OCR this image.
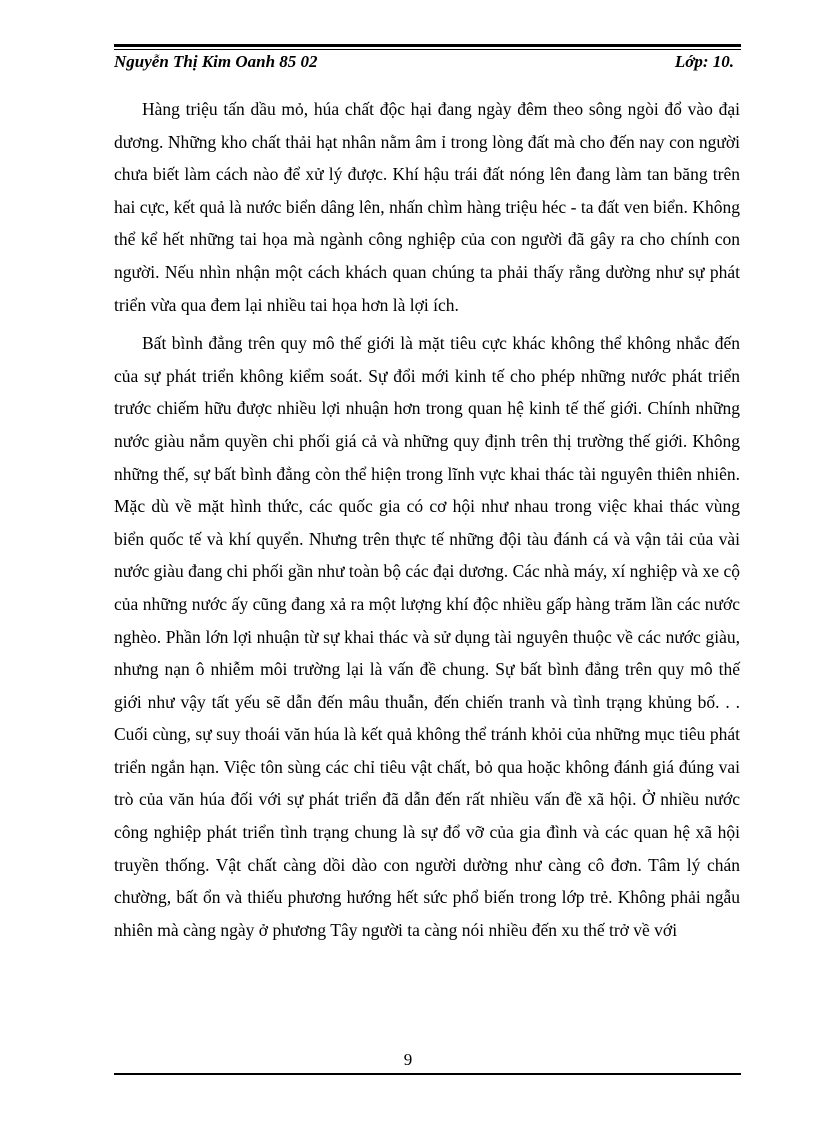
Nguyễn Thị Kim Oanh 85 02	Lớp: 10.

Hàng triệu tấn dầu mỏ, húa chất độc hại đang ngày đêm theo sông ngòi đổ vào đại dương. Những kho chất thải hạt nhân nằm âm ỉ trong lòng đất mà cho đến nay con người chưa biết làm cách nào để xử lý được. Khí hậu trái đất nóng lên đang làm tan băng trên hai cực, kết quả là nước biển dâng lên, nhấn chìm hàng triệu héc - ta đất ven biển. Không thể kể hết những tai họa mà ngành công nghiệp của con người đã gây ra cho chính con người. Nếu nhìn nhận một cách khách quan chúng ta phải thấy rằng dường như sự phát triển vừa qua đem lại nhiều tai họa hơn là lợi ích.

Bất bình đẳng trên quy mô thế giới là mặt tiêu cực khác không thể không nhắc đến của sự phát triển không kiểm soát. Sự đổi mới kinh tế cho phép những nước phát triển trước chiếm hữu được nhiều lợi nhuận hơn trong quan hệ kinh tế thế giới. Chính những nước giàu nắm quyền chi phối giá cả và những quy định trên thị trường thế giới. Không những thế, sự bất bình đẳng còn thể hiện trong lĩnh vực khai thác tài nguyên thiên nhiên. Mặc dù về mặt hình thức, các quốc gia có cơ hội như nhau trong việc khai thác vùng biển quốc tế và khí quyển. Nhưng trên thực tế những đội tàu đánh cá và vận tải của vài nước giàu đang chi phối gần như toàn bộ các đại dương. Các nhà máy, xí nghiệp và xe cộ của những nước ấy cũng đang xả ra một lượng khí độc nhiều gấp hàng trăm lần các nước nghèo. Phần lớn lợi nhuận từ sự khai thác và sử dụng tài nguyên thuộc về các nước giàu, nhưng nạn ô nhiễm môi trường lại là vấn đề chung. Sự bất bình đẳng trên quy mô thế giới như vậy tất yếu sẽ dẫn đến mâu thuẫn, đến chiến tranh và tình trạng khủng bố. . . Cuối cùng, sự suy thoái văn húa là kết quả không thể tránh khỏi của những mục tiêu phát triển ngắn hạn. Việc tôn sùng các chỉ tiêu vật chất, bỏ qua hoặc không đánh giá đúng vai trò của văn húa đối với sự phát triển đã dẫn đến rất nhiều vấn đề xã hội. Ở nhiều nước công nghiệp phát triển tình trạng chung là sự đổ vỡ của gia đình và các quan hệ xã hội truyền thống. Vật chất càng dồi dào con người dường như càng cô đơn. Tâm lý chán chường, bất ổn và thiếu phương hướng hết sức phổ biến trong lớp trẻ. Không phải ngẫu nhiên mà càng ngày ở phương Tây người ta càng nói nhiều đến xu thế trở về với

9
